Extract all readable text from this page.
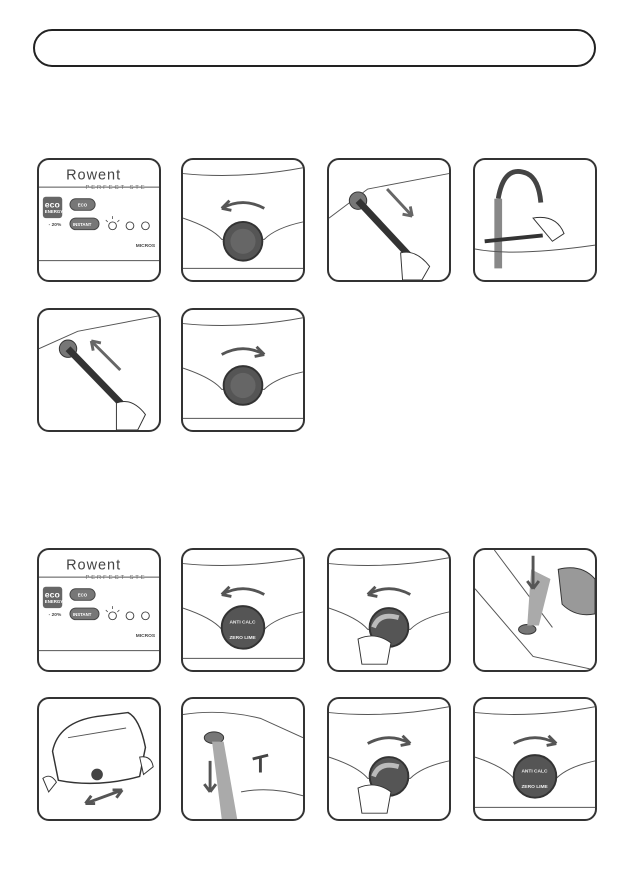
Rowent
PERFECT STE
eco
ENERGY
- 20%
ECO
INSTANT
MICROS
Rowent
PERFECT STE
eco
ENERGY
- 20%
ECO
INSTANT
MICROS
ANTI CALC
ZERO LIME
ANTI CALC
ZERO LIME
